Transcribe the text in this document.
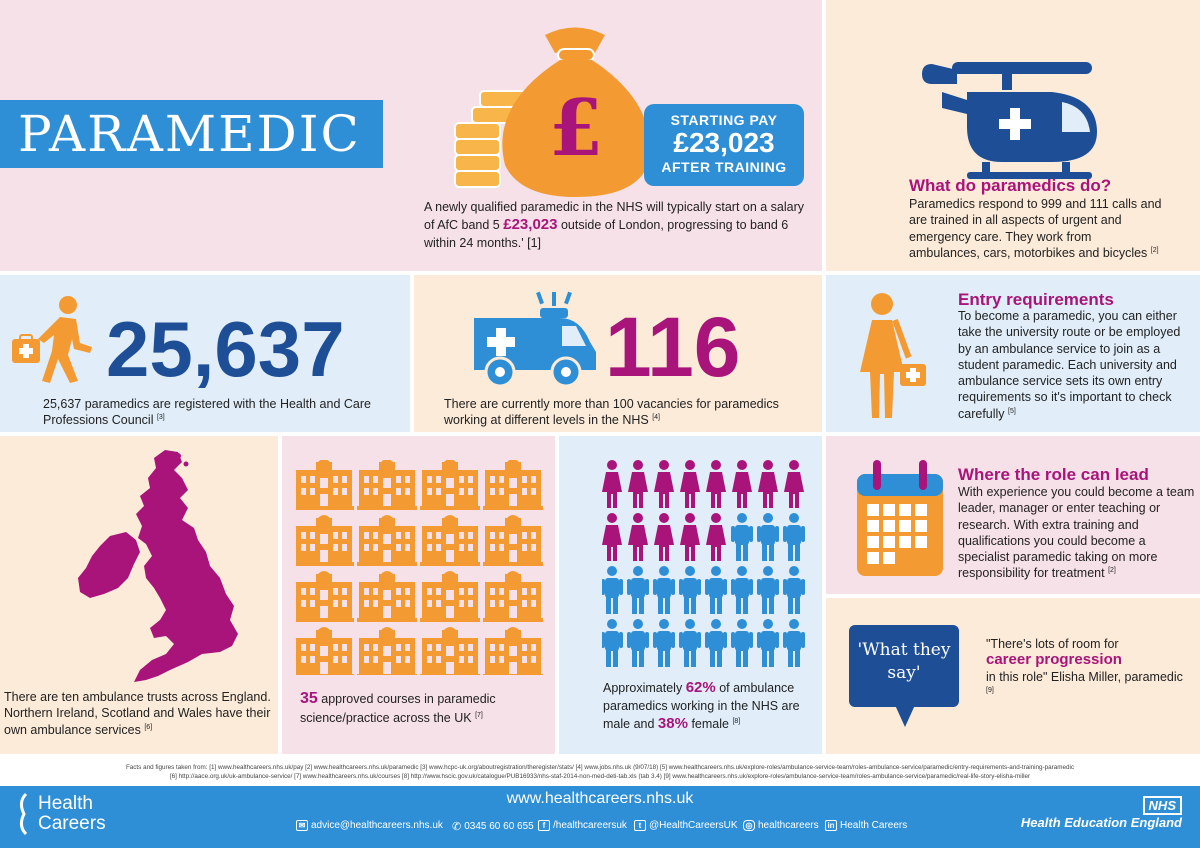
PARAMEDIC £	STARTING PAY
£23,023
AFTER TRAINING
A newly qualified paramedic in the NHS will typically start on a salary of AfC band 5 £23,023 outside of London, progressing to band 6 within 24 months.' [1]
What do paramedics do?
Paramedics respond to 999 and 111 calls and are trained in all aspects of urgent and emergency care. They work from ambulances, cars, motorbikes and bicycles [2]
25,637
25,637 paramedics are registered with the Health and Care Professions Council [3]
116
There are currently more than 100 vacancies for paramedics working at different levels in the NHS [4]
Entry requirements
To become a paramedic, you can either take the university route or be employed by an ambulance service to join as a student paramedic. Each university and ambulance service sets its own entry requirements so it's important to check carefully [5]
There are ten ambulance trusts across England. Northern Ireland, Scotland and Wales have their own ambulance services [6]
35 approved courses in paramedic science/practice across the UK [7]
Approximately 62% of ambulance paramedics working in the NHS are male and 38% female [8]
Where the role can lead
With experience you could become a team leader, manager or enter teaching or research. With extra training and qualifications you could become a specialist paramedic taking on more responsibility for treatment [2]
'What they say'
"There's lots of room for
career progression
in this role" Elisha Miller, paramedic [9]
Facts and figures taken from: [1] www.healthcareers.nhs.uk/pay [2] www.healthcareers.nhs.uk/paramedic [3] www.hcpc-uk.org/aboutregistration/theregister/stats/ [4] www.jobs.nhs.uk (9/07/18) [5] www.healthcareers.nhs.uk/explore-roles/ambulance-service-team/roles-ambulance-service/paramedic/entry-requirements-and-training-paramedic
[6] http://aace.org.uk/uk-ambulance-service/ [7] www.healthcareers.nhs.uk/courses [8] http://www.hscic.gov.uk/catalogue/PUB16933/nhs-staf-2014-non-med-deti-tab.xls (tab 3.4) [9] www.healthcareers.nhs.uk/explore-roles/ambulance-service-team/roles-ambulance-service/paramedic/real-life-story-elisha-miller
Health
Careers
www.healthcareers.nhs.uk	NHS
Health Education England
✉ advice@healthcareers.nhs.uk ✆ 0345 60 60 655	f /healthcareersuk	t @HealthCareersUK ◎ healthcareers	in Health Careers
